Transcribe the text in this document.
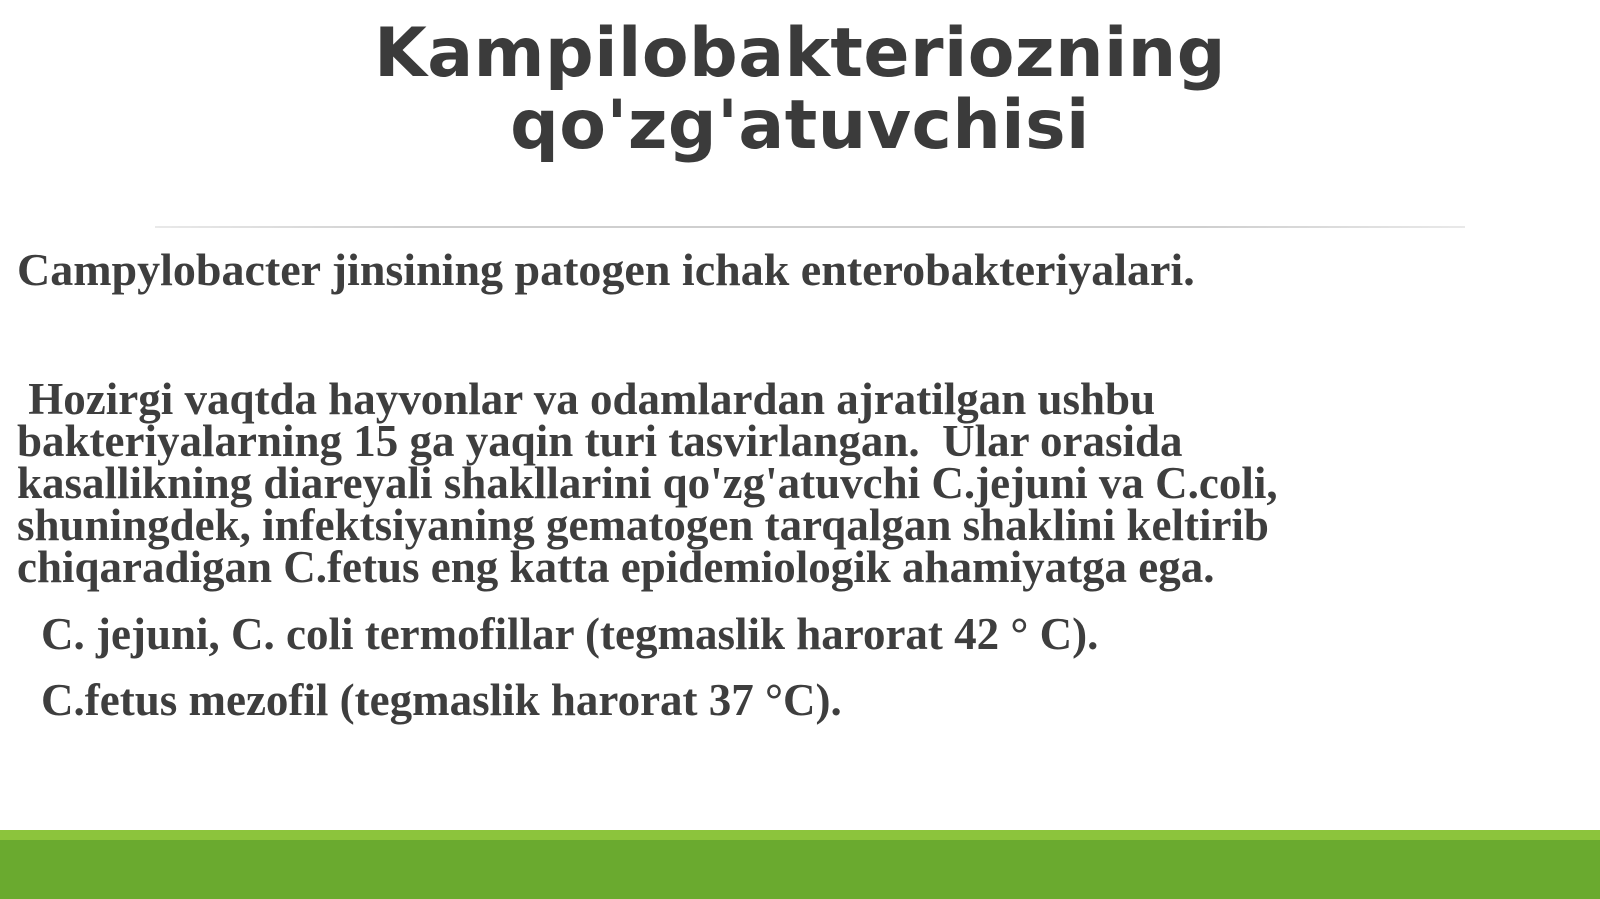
Kampilobakteriozning
qo'zg'atuvchisi
Campylobacter jinsining patogen ichak enterobakteriyalari.
Hozirgi vaqtda hayvonlar va odamlardan ajratilgan ushbu
bakteriyalarning 15 ga yaqin turi tasvirlangan.  Ular orasida
kasallikning diareyali shakllarini qo'zg'atuvchi C.jejuni va C.coli,
shuningdek, infektsiyaning gematogen tarqalgan shaklini keltirib
chiqaradigan C.fetus eng katta epidemiologik ahamiyatga ega.
C. jejuni, C. coli termofillar (tegmaslik harorat 42 ° C).
C.fetus mezofil (tegmaslik harorat 37 °C).
